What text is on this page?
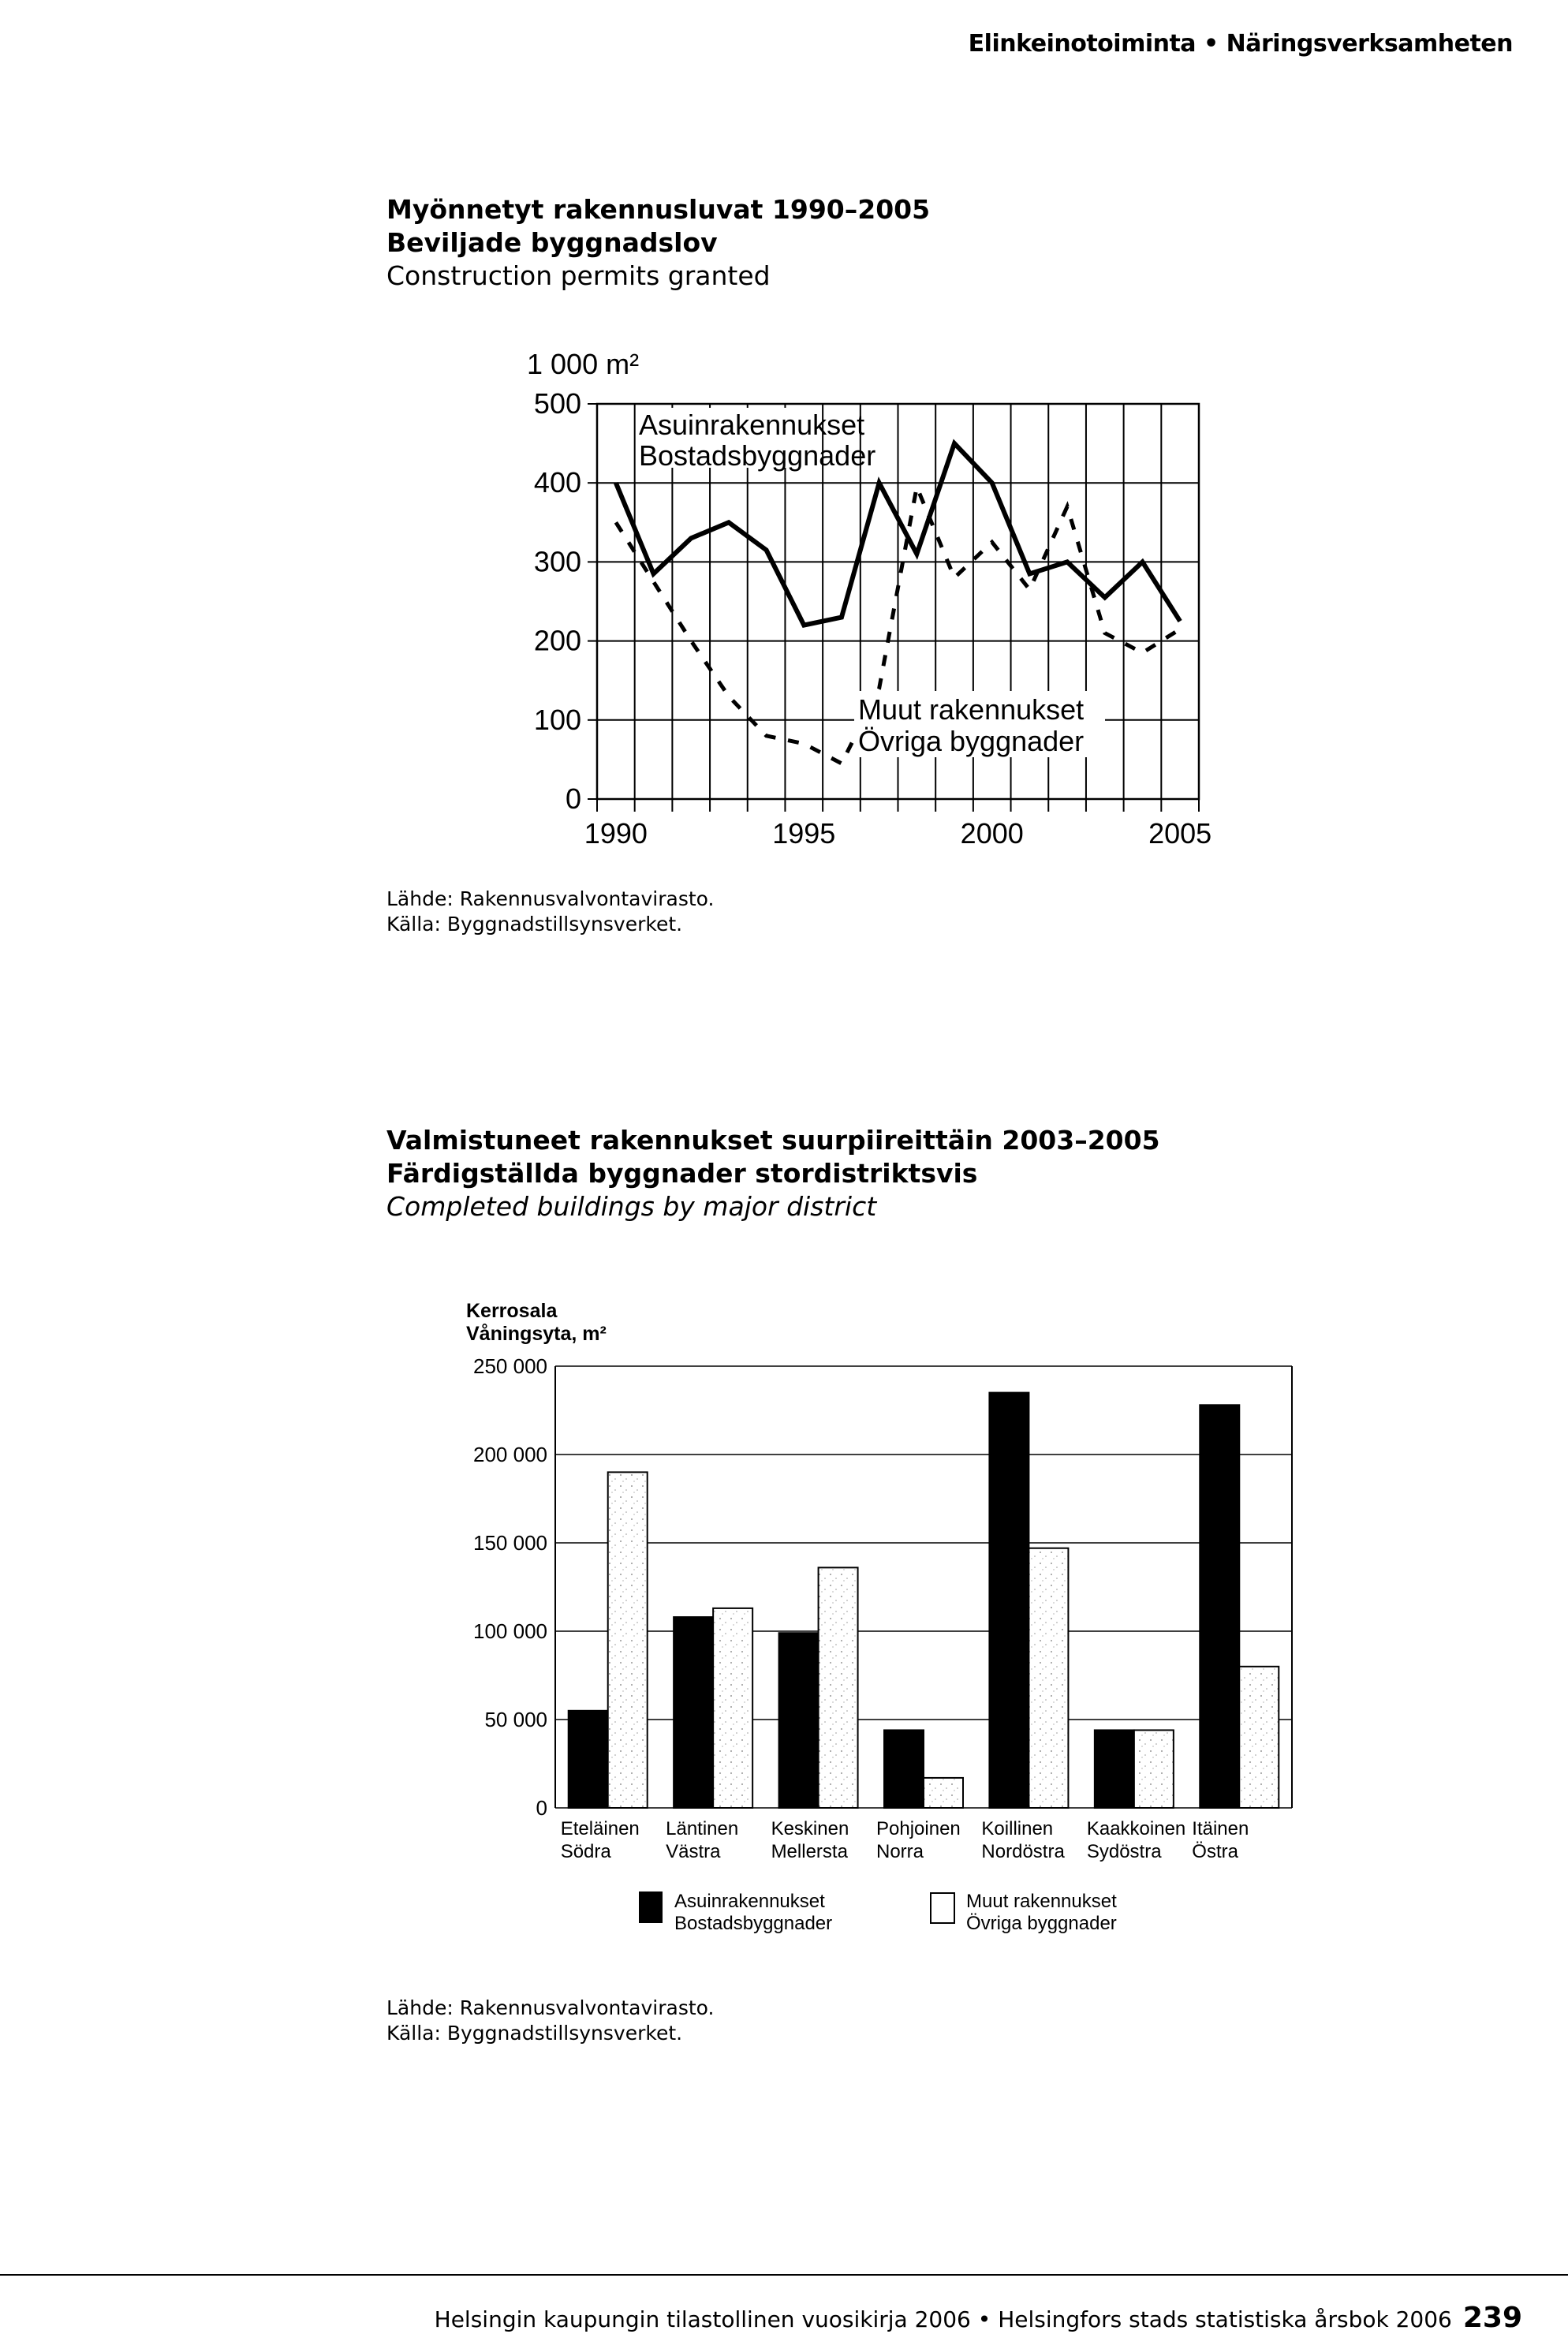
Elinkeinotoiminta • Näringsverksamheten
Myönnetyt rakennusluvat 1990–2005
Beviljade byggnadslov
Construction permits granted
0
100
200
300
400
500
1990	1995	2000	2005
1 000 m²
Asuinrakennukset
Bostadsbyggnader
Muut rakennukset
Övriga byggnader
Lähde: Rakennusvalvontavirasto.
Källa: Byggnadstillsynsverket.
Valmistuneet rakennukset suurpiireittäin 2003–2005
Färdigställda byggnader stordistriktsvis
Completed buildings by major district
0
50 000
100 000
150 000
200 000
250 000
Kerrosala
Våningsyta, m²
Eteläinen
Södra
Läntinen
Västra
Keskinen
Mellersta
Pohjoinen
Norra
Koillinen
Nordöstra
Kaakkoinen
Sydöstra
Itäinen
Östra
Asuinrakennukset
Bostadsbyggnader
Muut rakennukset
Övriga byggnader
Lähde: Rakennusvalvontavirasto.
Källa: Byggnadstillsynsverket.
Helsingin kaupungin tilastollinen vuosikirja 2006 • Helsingfors stads statistiska årsbok 2006 239
